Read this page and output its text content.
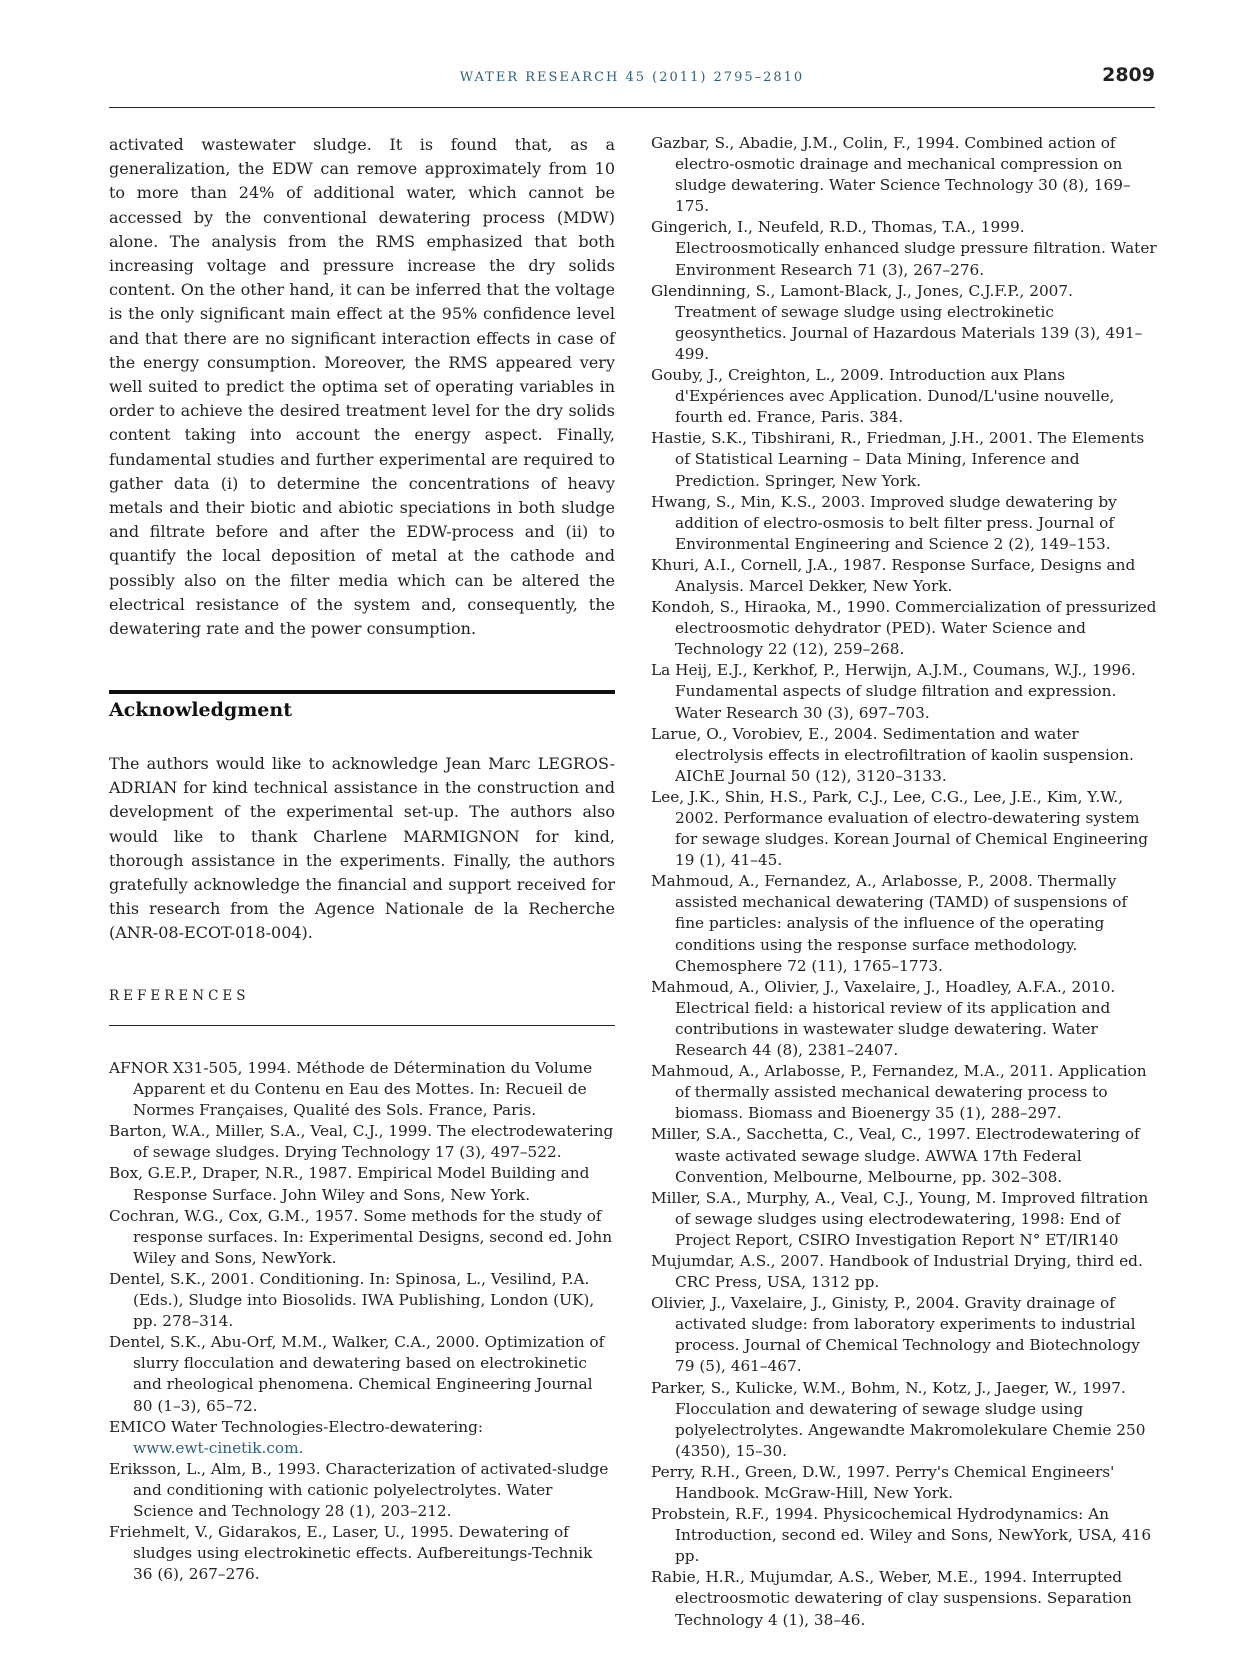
WATER RESEARCH 45 (2011) 2795–2810	2809

activated wastewater sludge. It is found that, as a generalization, the EDW can remove approximately from 10 to more than 24% of additional water, which cannot be accessed by the conventional dewatering process (MDW) alone. The analysis from the RMS emphasized that both increasing voltage and pressure increase the dry solids content. On the other hand, it can be inferred that the voltage is the only significant main effect at the 95% confidence level and that there are no significant interaction effects in case of the energy consumption. Moreover, the RMS appeared very well suited to predict the optima set of operating variables in order to achieve the desired treatment level for the dry solids content taking into account the energy aspect. Finally, fundamental studies and further experimental are required to gather data (i) to determine the concentrations of heavy metals and their biotic and abiotic speciations in both sludge and filtrate before and after the EDW-process and (ii) to quantify the local deposition of metal at the cathode and possibly also on the filter media which can be altered the electrical resistance of the system and, consequently, the dewatering rate and the power consumption.

Acknowledgment

The authors would like to acknowledge Jean Marc LEGROS-ADRIAN for kind technical assistance in the construction and development of the experimental set-up. The authors also would like to thank Charlene MARMIGNON for kind, thorough assistance in the experiments. Finally, the authors gratefully acknowledge the financial and support received for this research from the Agence Nationale de la Recherche (ANR-08-ECOT-018-004).

REFERENCES

AFNOR X31-505, 1994. Méthode de Détermination du Volume Apparent et du Contenu en Eau des Mottes. In: Recueil de Normes Françaises, Qualité des Sols. France, Paris.

Barton, W.A., Miller, S.A., Veal, C.J., 1999. The electrodewatering of sewage sludges. Drying Technology 17 (3), 497–522.

Box, G.E.P., Draper, N.R., 1987. Empirical Model Building and Response Surface. John Wiley and Sons, New York.

Cochran, W.G., Cox, G.M., 1957. Some methods for the study of response surfaces. In: Experimental Designs, second ed. John Wiley and Sons, NewYork.

Dentel, S.K., 2001. Conditioning. In: Spinosa, L., Vesilind, P.A. (Eds.), Sludge into Biosolids. IWA Publishing, London (UK), pp. 278–314.

Dentel, S.K., Abu-Orf, M.M., Walker, C.A., 2000. Optimization of slurry flocculation and dewatering based on electrokinetic and rheological phenomena. Chemical Engineering Journal 80 (1–3), 65–72.

EMICO Water Technologies-Electro-dewatering:
www.ewt-cinetik.com.

Eriksson, L., Alm, B., 1993. Characterization of activated-sludge and conditioning with cationic polyelectrolytes. Water Science and Technology 28 (1), 203–212.

Friehmelt, V., Gidarakos, E., Laser, U., 1995. Dewatering of sludges using electrokinetic effects. Aufbereitungs-Technik 36 (6), 267–276.

Gazbar, S., Abadie, J.M., Colin, F., 1994. Combined action of electro-osmotic drainage and mechanical compression on sludge dewatering. Water Science Technology 30 (8), 169–175.

Gingerich, I., Neufeld, R.D., Thomas, T.A., 1999. Electroosmotically enhanced sludge pressure filtration. Water Environment Research 71 (3), 267–276.

Glendinning, S., Lamont-Black, J., Jones, C.J.F.P., 2007. Treatment of sewage sludge using electrokinetic geosynthetics. Journal of Hazardous Materials 139 (3), 491–499.

Gouby, J., Creighton, L., 2009. Introduction aux Plans d'Expériences avec Application. Dunod/L'usine nouvelle, fourth ed. France, Paris. 384.

Hastie, S.K., Tibshirani, R., Friedman, J.H., 2001. The Elements of Statistical Learning – Data Mining, Inference and Prediction. Springer, New York.

Hwang, S., Min, K.S., 2003. Improved sludge dewatering by addition of electro-osmosis to belt filter press. Journal of Environmental Engineering and Science 2 (2), 149–153.

Khuri, A.I., Cornell, J.A., 1987. Response Surface, Designs and Analysis. Marcel Dekker, New York.

Kondoh, S., Hiraoka, M., 1990. Commercialization of pressurized electroosmotic dehydrator (PED). Water Science and Technology 22 (12), 259–268.

La Heij, E.J., Kerkhof, P., Herwijn, A.J.M., Coumans, W.J., 1996. Fundamental aspects of sludge filtration and expression. Water Research 30 (3), 697–703.

Larue, O., Vorobiev, E., 2004. Sedimentation and water electrolysis effects in electrofiltration of kaolin suspension. AIChE Journal 50 (12), 3120–3133.

Lee, J.K., Shin, H.S., Park, C.J., Lee, C.G., Lee, J.E., Kim, Y.W., 2002. Performance evaluation of electro-dewatering system for sewage sludges. Korean Journal of Chemical Engineering 19 (1), 41–45.

Mahmoud, A., Fernandez, A., Arlabosse, P., 2008. Thermally assisted mechanical dewatering (TAMD) of suspensions of fine particles: analysis of the influence of the operating conditions using the response surface methodology. Chemosphere 72 (11), 1765–1773.

Mahmoud, A., Olivier, J., Vaxelaire, J., Hoadley, A.F.A., 2010. Electrical field: a historical review of its application and contributions in wastewater sludge dewatering. Water Research 44 (8), 2381–2407.

Mahmoud, A., Arlabosse, P., Fernandez, M.A., 2011. Application of thermally assisted mechanical dewatering process to biomass. Biomass and Bioenergy 35 (1), 288–297.

Miller, S.A., Sacchetta, C., Veal, C., 1997. Electrodewatering of waste activated sewage sludge. AWWA 17th Federal Convention, Melbourne, Melbourne, pp. 302–308.

Miller, S.A., Murphy, A., Veal, C.J., Young, M. Improved filtration of sewage sludges using electrodewatering, 1998: End of Project Report, CSIRO Investigation Report N° ET/IR140

Mujumdar, A.S., 2007. Handbook of Industrial Drying, third ed. CRC Press, USA, 1312 pp.

Olivier, J., Vaxelaire, J., Ginisty, P., 2004. Gravity drainage of activated sludge: from laboratory experiments to industrial process. Journal of Chemical Technology and Biotechnology 79 (5), 461–467.

Parker, S., Kulicke, W.M., Bohm, N., Kotz, J., Jaeger, W., 1997. Flocculation and dewatering of sewage sludge using polyelectrolytes. Angewandte Makromolekulare Chemie 250 (4350), 15–30.

Perry, R.H., Green, D.W., 1997. Perry's Chemical Engineers' Handbook. McGraw-Hill, New York.

Probstein, R.F., 1994. Physicochemical Hydrodynamics: An Introduction, second ed. Wiley and Sons, NewYork, USA, 416 pp.

Rabie, H.R., Mujumdar, A.S., Weber, M.E., 1994. Interrupted electroosmotic dewatering of clay suspensions. Separation Technology 4 (1), 38–46.
